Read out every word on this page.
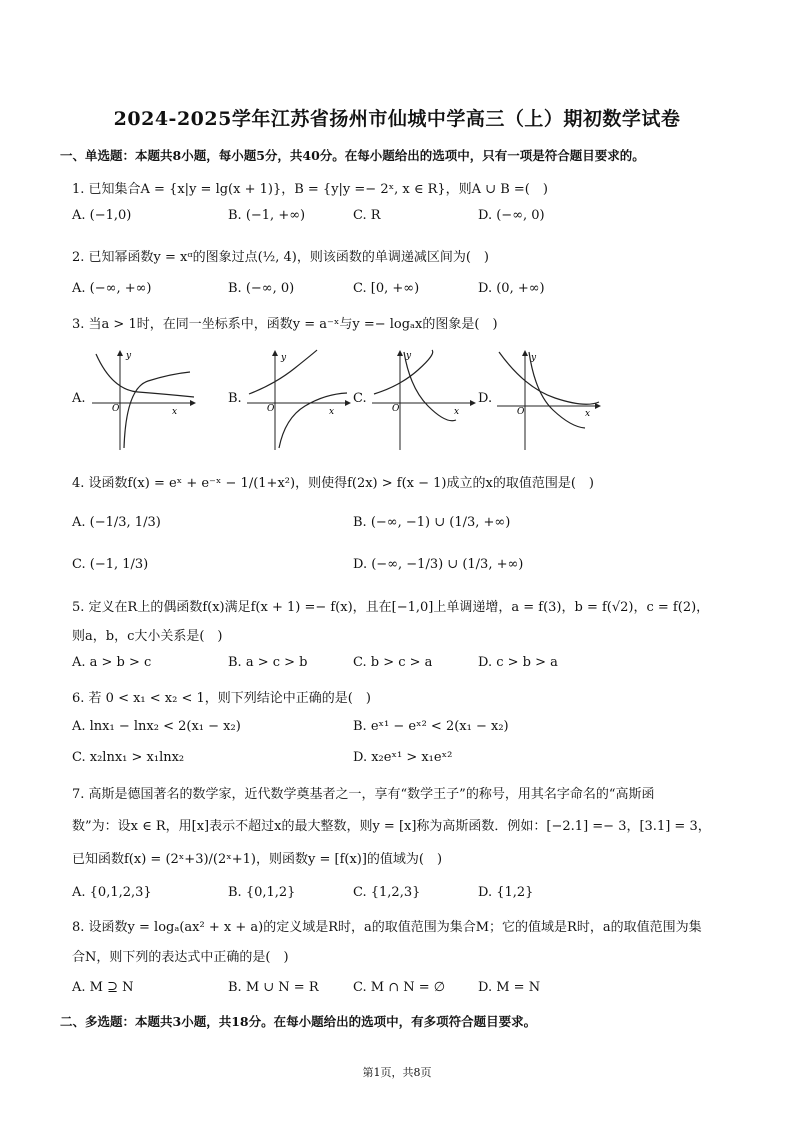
2024-2025学年江苏省扬州市仙城中学高三（上）期初数学试卷
一、单选题：本题共8小题，每小题5分，共40分。在每小题给出的选项中，只有一项是符合题目要求的。
1. 已知集合A = {x|y = lg(x + 1)}，B = {y|y =− 2ˣ, x ∈ R}，则A ∪ B =(　)
A. (−1,0)	B. (−1, +∞)	C. R	D. (−∞, 0)
2. 已知幂函数y = xᵅ的图象过点(½, 4)，则该函数的单调递减区间为(　)
A. (−∞, +∞)	B. (−∞, 0)	C. [0, +∞)	D. (0, +∞)
3. 当a > 1时，在同一坐标系中，函数y = a⁻ˣ与y =− logₐx的图象是(　)
A.
y
x
O
B.
y
x
O
C.
y
x
O
D.
y
x
O
4. 设函数f(x) = eˣ + e⁻ˣ − 1/(1+x²)，则使得f(2x) > f(x − 1)成立的x的取值范围是(　)
A. (−1/3, 1/3)	B. (−∞, −1) ∪ (1/3, +∞)
C. (−1, 1/3)	D. (−∞, −1/3) ∪ (1/3, +∞)
5. 定义在R上的偶函数f(x)满足f(x + 1) =− f(x)，且在[−1,0]上单调递增，a = f(3)，b = f(√2)，c = f(2)，
则a，b，c大小关系是(　)
A. a > b > c	B. a > c > b	C. b > c > a	D. c > b > a
6. 若 0 < x₁ < x₂ < 1，则下列结论中正确的是(　)
A. lnx₁ − lnx₂ < 2(x₁ − x₂)	B. eˣ¹ − eˣ² < 2(x₁ − x₂)
C. x₂lnx₁ > x₁lnx₂	D. x₂eˣ¹ > x₁eˣ²
7. 高斯是德国著名的数学家，近代数学奠基者之一，享有“数学王子”的称号，用其名字命名的“高斯函
数”为：设x ∈ R，用[x]表示不超过x的最大整数，则y = [x]称为高斯函数．例如：[−2.1] =− 3，[3.1] = 3，
已知函数f(x) = (2ˣ+3)/(2ˣ+1)，则函数y = [f(x)]的值域为(　)
A. {0,1,2,3}	B. {0,1,2}	C. {1,2,3}	D. {1,2}
8. 设函数y = logₐ(ax² + x + a)的定义域是R时，a的取值范围为集合M；它的值域是R时，a的取值范围为集
合N，则下列的表达式中正确的是(　)
A. M ⊇ N	B. M ∪ N = R	C. M ∩ N = ∅	D. M = N
二、多选题：本题共3小题，共18分。在每小题给出的选项中，有多项符合题目要求。
第1页，共8页
